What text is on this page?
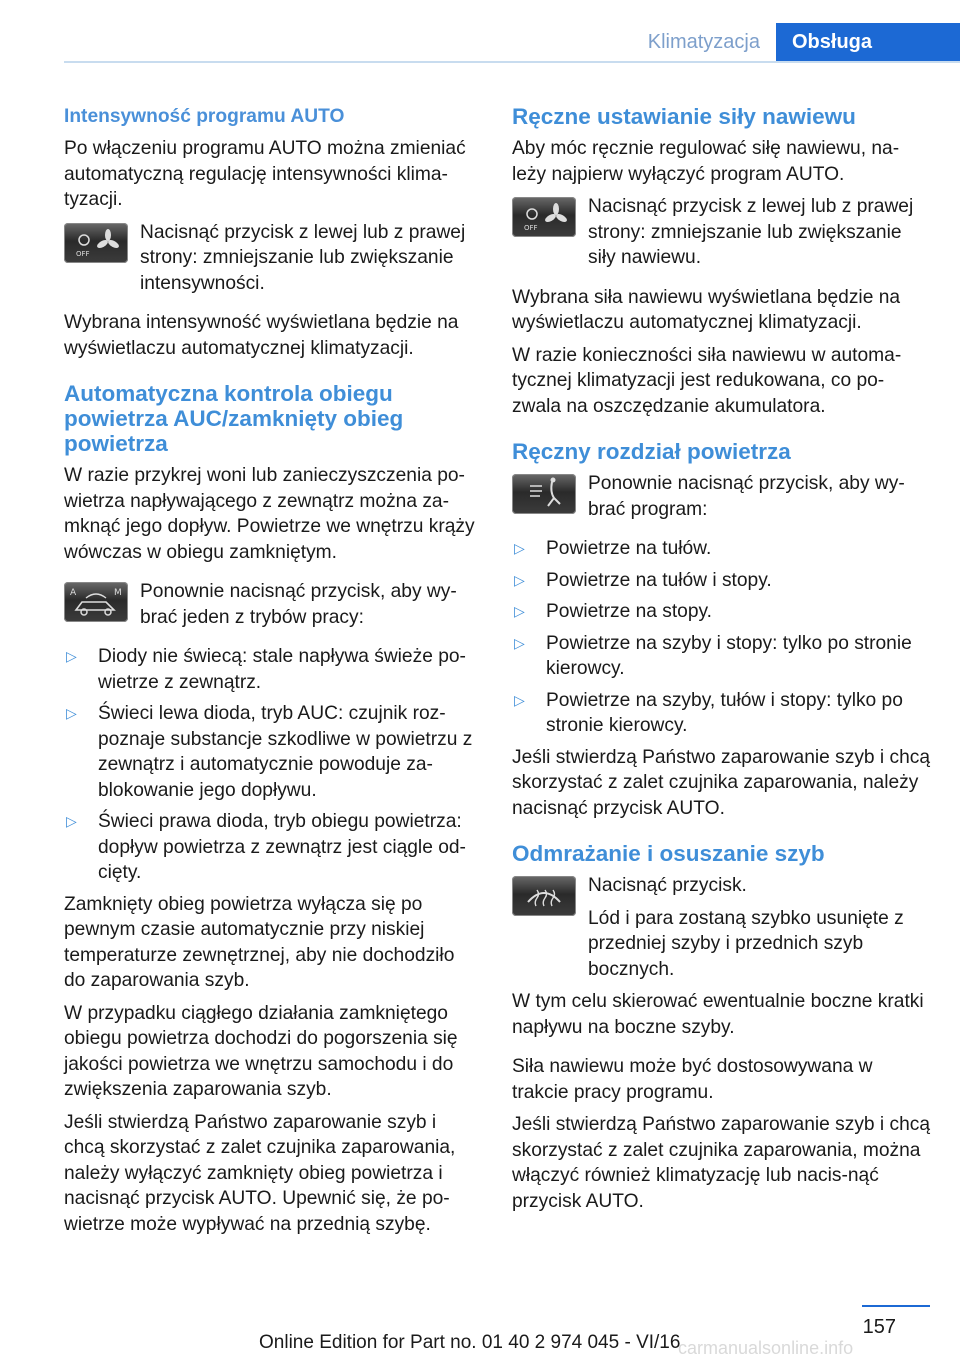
Klimatyzacja	Obsługa
Intensywność programu AUTO

Po włączeniu programu AUTO można zmieniać automatyczną regulację intensywności klima-tyzacji.

OFF
Nacisnąć przycisk z lewej lub z prawej strony: zmniejszanie lub zwiększanie intensywności.

Wybrana intensywność wyświetlana będzie na wyświetlaczu automatycznej klimatyzacji.

Automatyczna kontrola obiegu powietrza AUC/zamknięty obieg powietrza

W razie przykrej woni lub zanieczyszczenia po-wietrza napływającego z zewnątrz można za-mknąć jego dopływ. Powietrze we wnętrzu krąży wówczas w obiegu zamkniętym.

A	M Ponownie nacisnąć przycisk, aby wy-brać jeden z trybów pracy:
▷ Diody nie świecą: stale napływa świeże po-wietrze z zewnątrz.
▷ Świeci lewa dioda, tryb AUC: czujnik roz-poznaje substancje szkodliwe w powietrzu z zewnątrz i automatycznie powoduje za-blokowanie jego dopływu.
▷ Świeci prawa dioda, tryb obiegu powietrza: dopływ powietrza z zewnątrz jest ciągle od-cięty.

Zamknięty obieg powietrza wyłącza się po pewnym czasie automatycznie przy niskiej temperaturze zewnętrznej, aby nie dochodziło do zaparowania szyb.

W przypadku ciągłego działania zamkniętego obiegu powietrza dochodzi do pogorszenia się jakości powietrza we wnętrzu samochodu i do zwiększenia zaparowania szyb.

Jeśli stwierdzą Państwo zaparowanie szyb i chcą skorzystać z zalet czujnika zaparowania, należy wyłączyć zamknięty obieg powietrza i nacisnąć przycisk AUTO. Upewnić się, że po-wietrze może wypływać na przednią szybę.

Ręczne ustawianie siły nawiewu

Aby móc ręcznie regulować siłę nawiewu, na-leży najpierw wyłączyć program AUTO.

OFF
Nacisnąć przycisk z lewej lub z prawej strony: zmniejszanie lub zwiększanie siły nawiewu.

Wybrana siła nawiewu wyświetlana będzie na wyświetlaczu automatycznej klimatyzacji.

W razie konieczności siła nawiewu w automa-tycznej klimatyzacji jest redukowana, co po-zwala na oszczędzanie akumulatora.

Ręczny rozdział powietrza
Ponownie nacisnąć przycisk, aby wy-brać program:
▷ Powietrze na tułów.
▷ Powietrze na tułów i stopy.
▷ Powietrze na stopy.
▷ Powietrze na szyby i stopy: tylko po stronie kierowcy.
▷ Powietrze na szyby, tułów i stopy: tylko po stronie kierowcy.

Jeśli stwierdzą Państwo zaparowanie szyb i chcą skorzystać z zalet czujnika zaparowania, należy nacisnąć przycisk AUTO.

Odmrażanie i osuszanie szyb
Nacisnąć przycisk.
Lód i para zostaną szybko usunięte z przedniej szyby i przednich szyb bocznych.

W tym celu skierować ewentualnie boczne kratki napływu na boczne szyby.

Siła nawiewu może być dostosowywana w trakcie pracy programu.

Jeśli stwierdzą Państwo zaparowanie szyb i chcą skorzystać z zalet czujnika zaparowania, można włączyć również klimatyzację lub nacis-nąć przycisk AUTO.

157
Online Edition for Part no. 01 40 2 974 045 - VI/16
carmanualsonline.info
